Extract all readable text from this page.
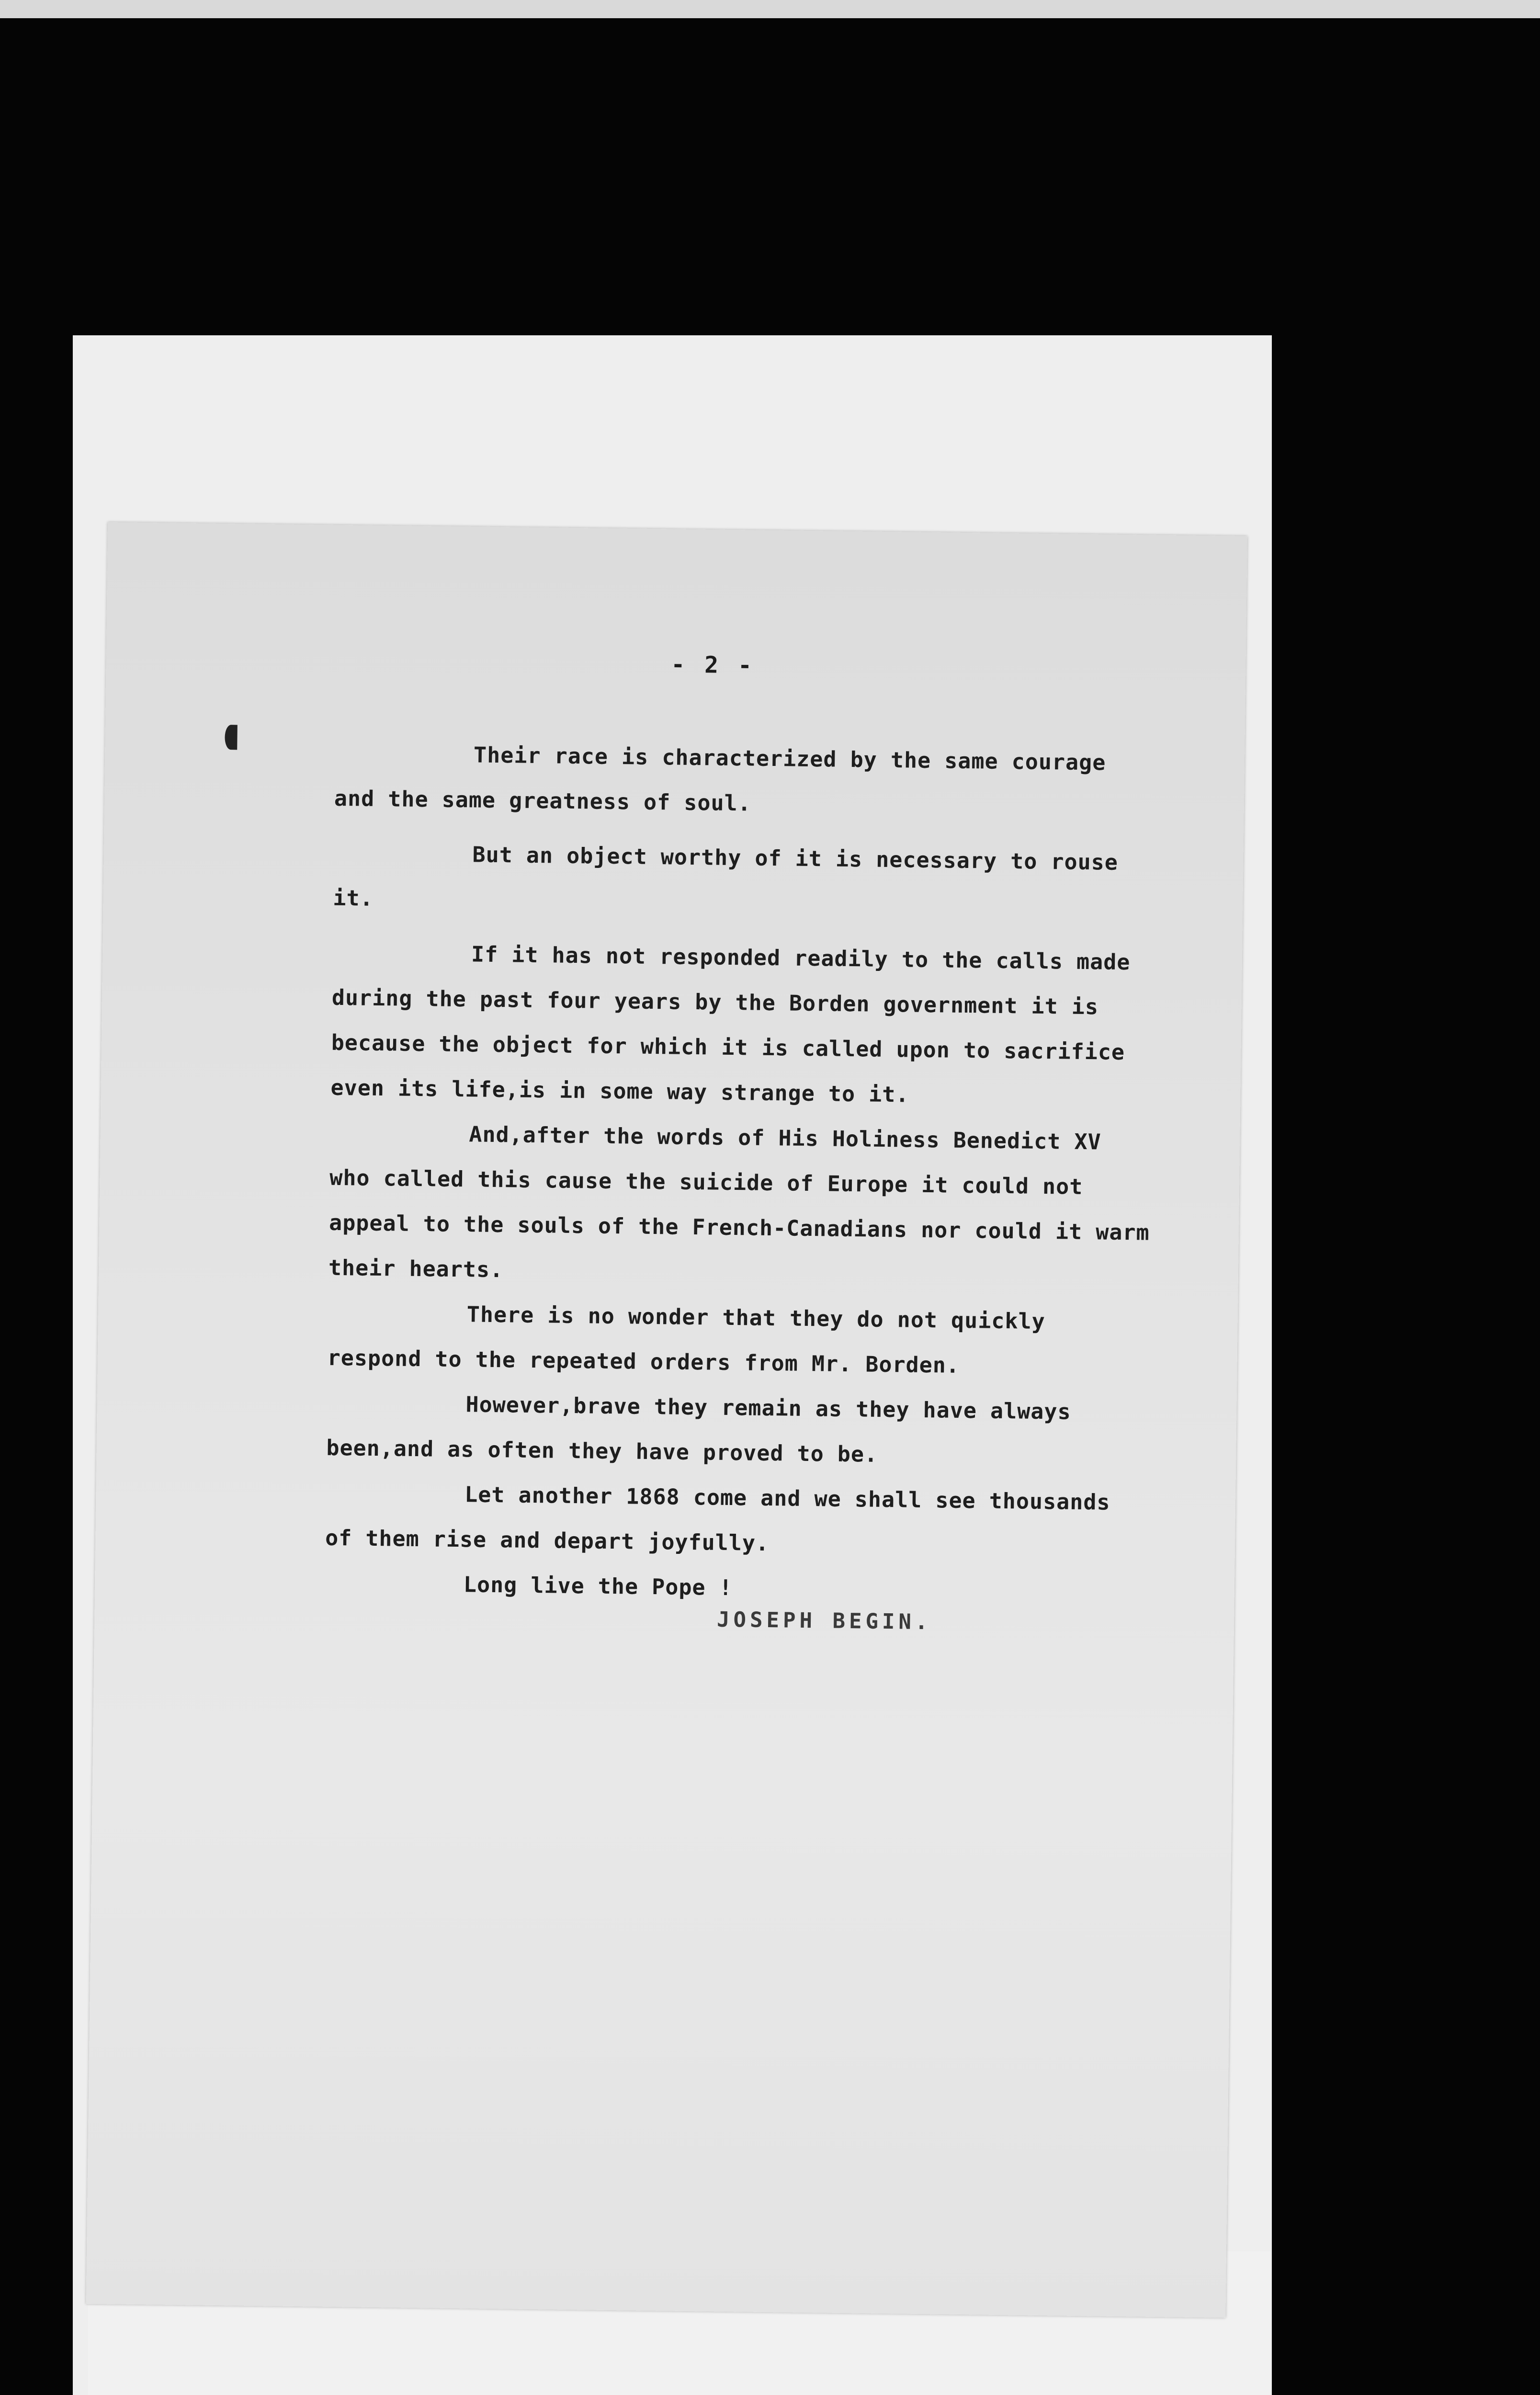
- 2 -

Their race is characterized by the same courage and the same greatness of soul.

But an object worthy of it is necessary to rouse it.

If it has not responded readily to the calls made during the past four years by the Borden government it is because the object for which it is called upon to sacrifice even its life,is in some way strange to it.

And,after the words of His Holiness Benedict XV who called this cause the suicide of Europe it could not appeal to the souls of the French-Canadians nor could it warm their hearts.

There is no wonder that they do not quickly respond to the repeated orders from Mr. Borden.

However,brave they remain as they have always been,and as often they have proved to be.

Let another 1868 come and we shall see thousands of them rise and depart joyfully.

Long live the Pope !

JOSEPH BEGIN.
